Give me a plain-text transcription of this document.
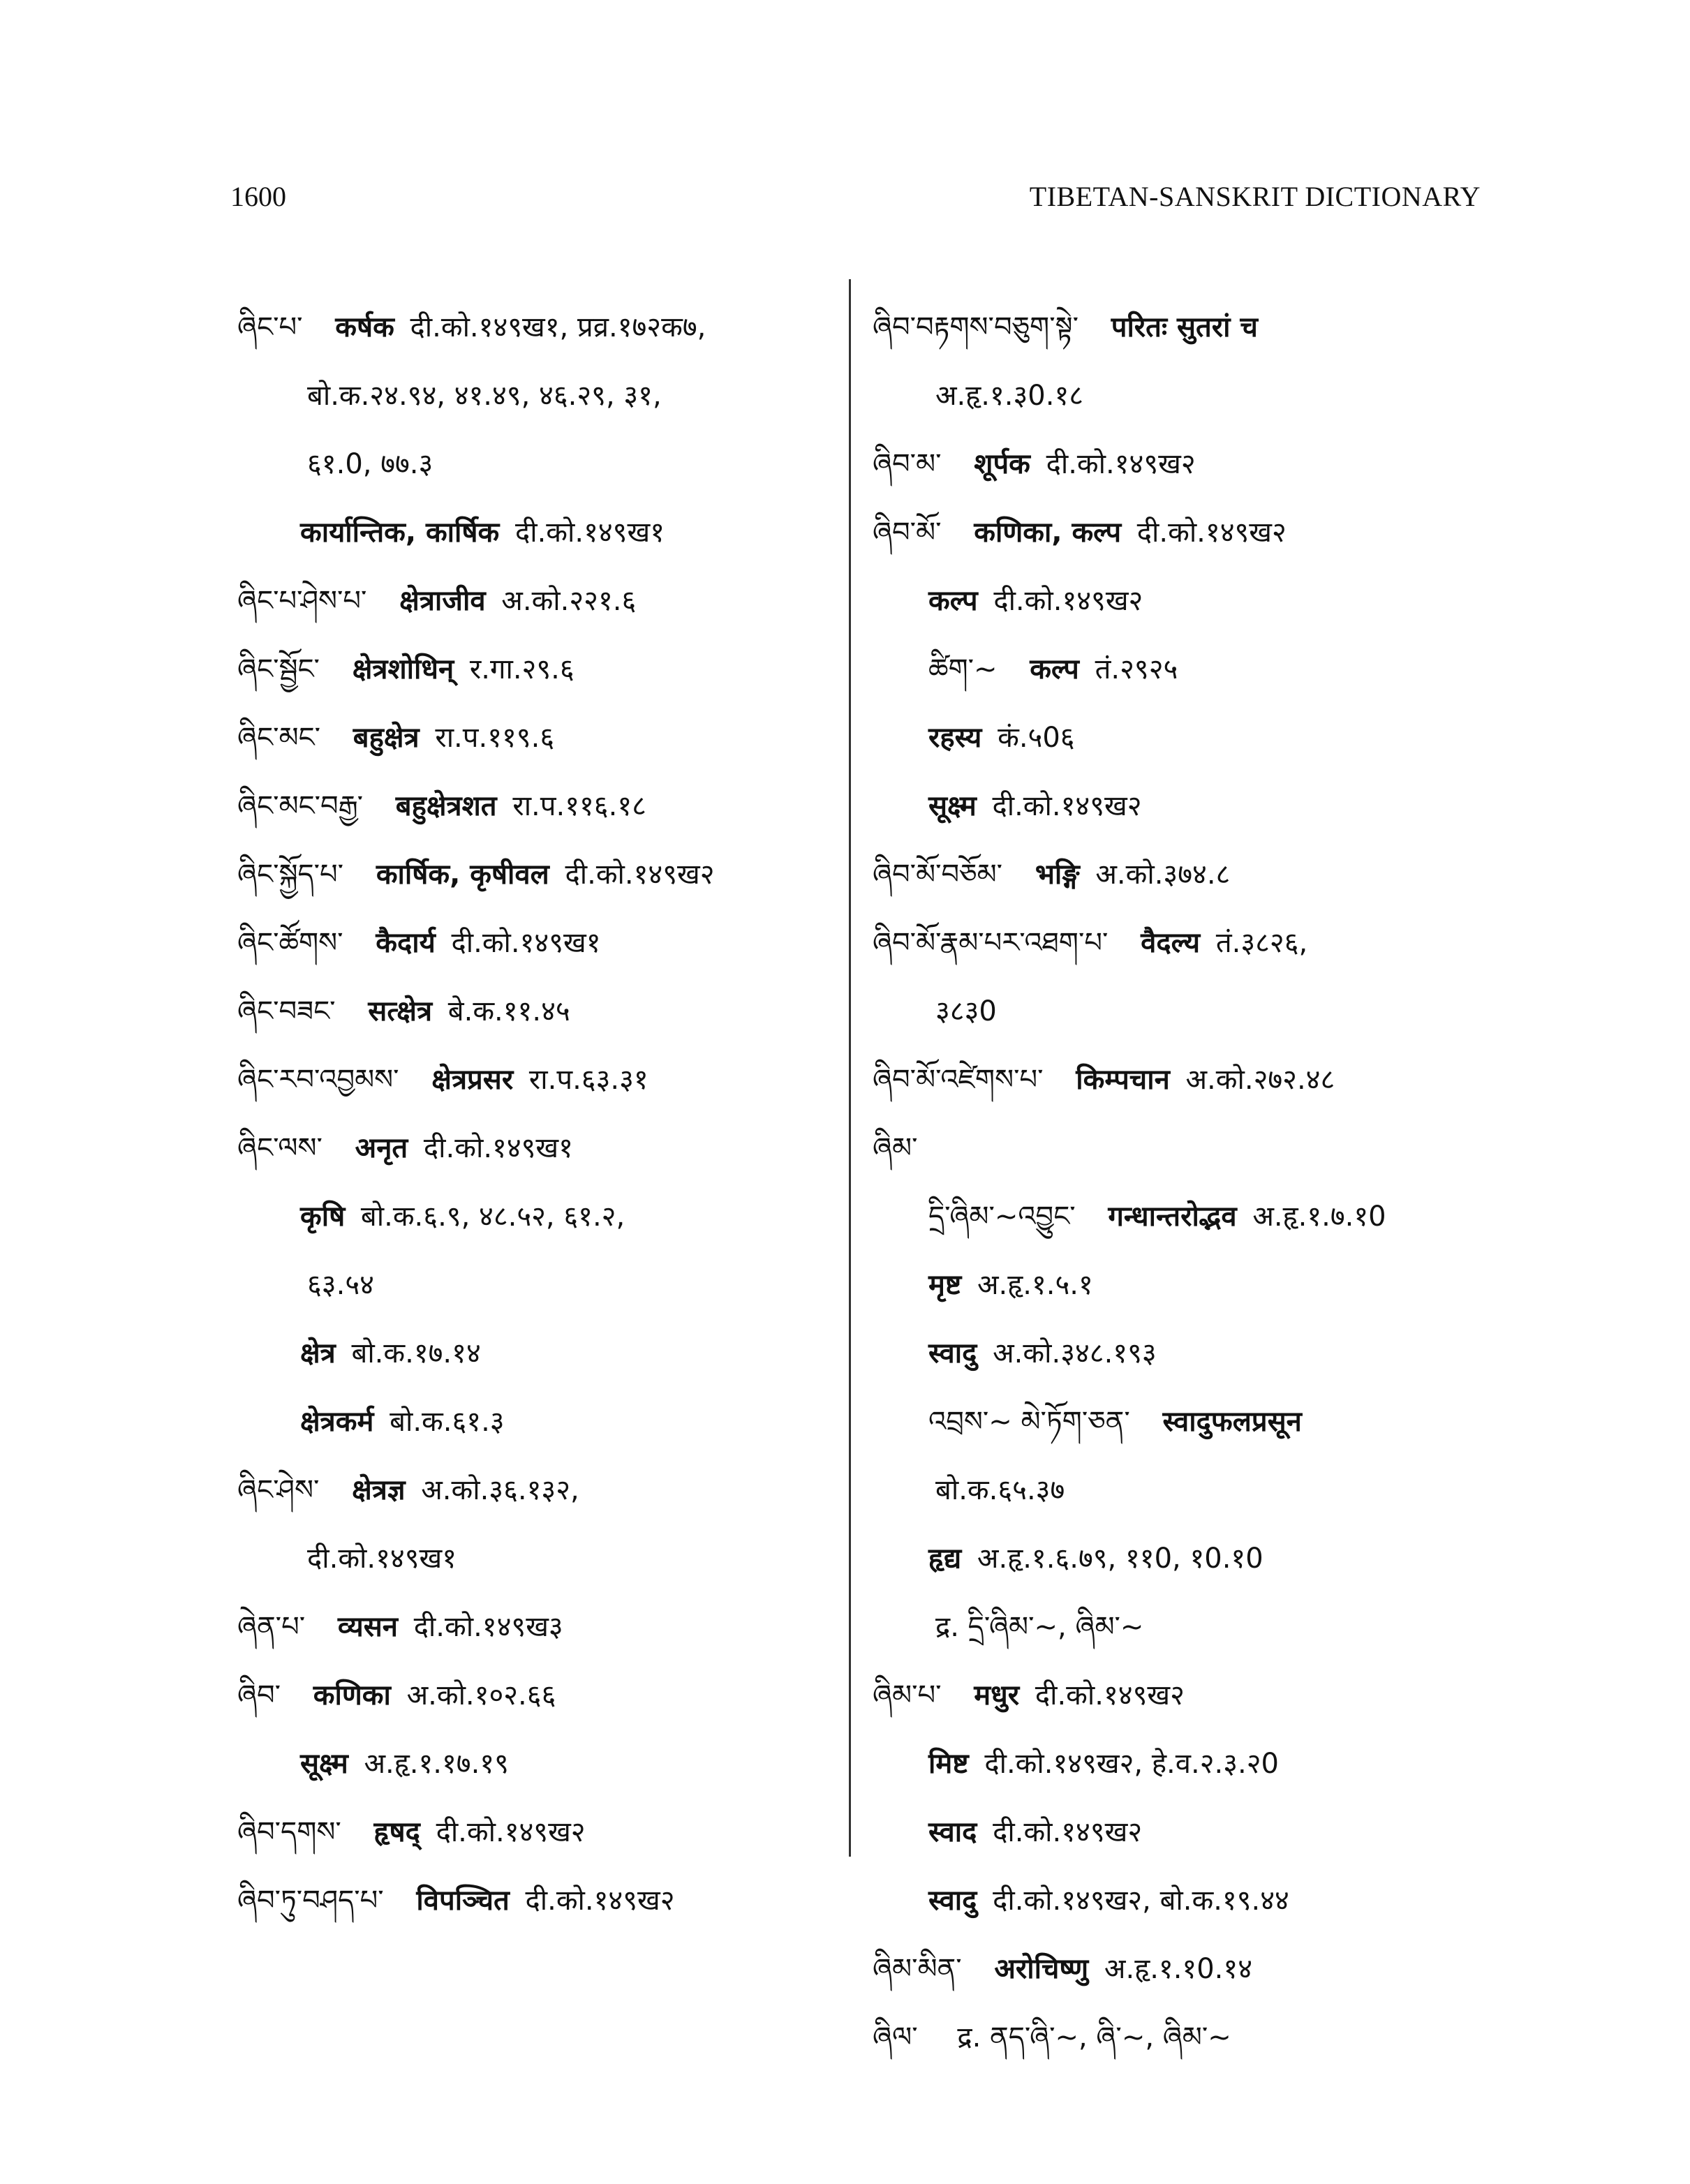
1600	TIBETAN-SANSKRIT DICTIONARY
ཞིང་པ་ कर्षक दी.को.१४९ख१, प्रव्र.१७२क७,
बो.क.२४.९४, ४१.४९, ४६.२९, ३१,
६१.0, ७७.३
कार्यान्तिक, कार्षिक दी.को.१४९ख१
ཞིང་པ་ཤེས་པ་ क्षेत्राजीव अ.को.२२१.६
ཞིང་སྦྱོང་ क्षेत्रशोधिन् र.गा.२९.६
ཞིང་མང་ बहुक्षेत्र रा.प.११९.६
ཞིང་མང་བརྒྱ་ बहुक्षेत्रशत रा.प.११६.१८
ཞིང་སྐྱོད་པ་ कार्षिक, कृषीवल दी.को.१४९ख२
ཞིང་ཚོགས་ कैदार्य दी.को.१४९ख१
ཞིང་བཟང་ सत्क्षेत्र बे.क.११.४५
ཞིང་རབ་འབྱམས་ क्षेत्रप्रसर रा.प.६३.३१
ཞིང་ལས་ अनृत दी.को.१४९ख१
कृषि बो.क.६.९, ४८.५२, ६१.२,
६३.५४
क्षेत्र बो.क.१७.१४
क्षेत्रकर्म बो.क.६१.३
ཞིང་ཤེས་ क्षेत्रज्ञ अ.को.३६.१३२,
दी.को.१४९ख१
ཞེན་པ་ व्यसन दी.को.१४९ख३
ཞིབ་ कणिका अ.को.१०२.६६
सूक्ष्म अ.हृ.१.१७.१९
ཞིབ་དགས་ हृषद् दी.को.१४९ख२
ཞིབ་ཏུ་བཤད་པ་ विपञ्चित दी.को.१४९ख२
ཞིབ་བརྟགས་བཅུག་སྟེ་ परितः सुतरां च
अ.हृ.१.३0.१८
ཞིབ་མ་ शूर्पक दी.को.१४९ख२
ཞིབ་མོ་ कणिका, कल्प दी.को.१४९ख२
कल्प दी.को.१४९ख२
ཚིག་~ कल्प तं.२९२५
रहस्य कं.५0६
सूक्ष्म दी.को.१४९ख२
ཞིབ་མོ་བཅོམ་ भङ्गि अ.को.३७४.८
ཞིབ་མོ་རྣམ་པར་འཐག་པ་ वैदल्य तं.३८२६,
३८३0
ཞིབ་མོ་འཛེགས་པ་ किम्पचान अ.को.२७२.४८
ཞིམ་
དྲི་ཞིམ་~འབྱུང་ गन्धान्तरोद्भव अ.हृ.१.७.१0
मृष्ट अ.हृ.१.५.१
स्वादु अ.को.३४८.१९३
འབྲས་~ མེ་ཏོག་ཅན་ स्वादुफलप्रसून
बो.क.६५.३७
हृद्य अ.हृ.१.६.७९, ११0, १0.१0
द्र. དྲི་ཞིམ་~, ཞིམ་~
ཞིམ་པ་ मधुर दी.को.१४९ख२
मिष्ट दी.को.१४९ख२, हे.व.२.३.२0
स्वाद दी.को.१४९ख२
स्वादु दी.को.१४९ख२, बो.क.१९.४४
ཞིམ་མིན་ अरोचिष्णु अ.हृ.१.१0.१४
ཞིལ་ द्र. ནད་ཞི་~, ཞི་~, ཞིམ་~
